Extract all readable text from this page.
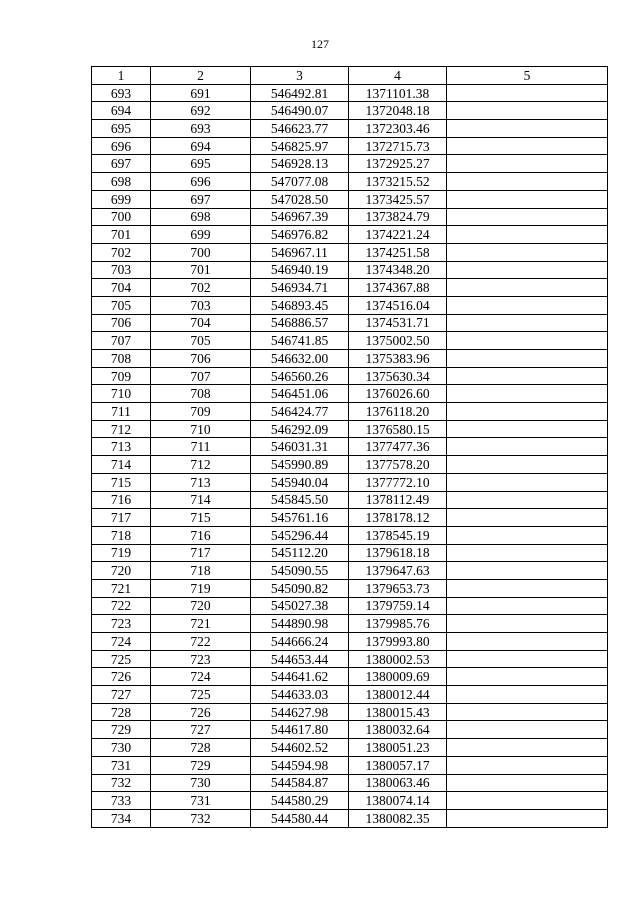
127
1	2	3	4	5
693	691	546492.81	1371101.38	
694	692	546490.07	1372048.18	
695	693	546623.77	1372303.46	
696	694	546825.97	1372715.73	
697	695	546928.13	1372925.27	
698	696	547077.08	1373215.52	
699	697	547028.50	1373425.57	
700	698	546967.39	1373824.79	
701	699	546976.82	1374221.24	
702	700	546967.11	1374251.58	
703	701	546940.19	1374348.20	
704	702	546934.71	1374367.88	
705	703	546893.45	1374516.04	
706	704	546886.57	1374531.71	
707	705	546741.85	1375002.50	
708	706	546632.00	1375383.96	
709	707	546560.26	1375630.34	
710	708	546451.06	1376026.60	
711	709	546424.77	1376118.20	
712	710	546292.09	1376580.15	
713	711	546031.31	1377477.36	
714	712	545990.89	1377578.20	
715	713	545940.04	1377772.10	
716	714	545845.50	1378112.49	
717	715	545761.16	1378178.12	
718	716	545296.44	1378545.19	
719	717	545112.20	1379618.18	
720	718	545090.55	1379647.63	
721	719	545090.82	1379653.73	
722	720	545027.38	1379759.14	
723	721	544890.98	1379985.76	
724	722	544666.24	1379993.80	
725	723	544653.44	1380002.53	
726	724	544641.62	1380009.69	
727	725	544633.03	1380012.44	
728	726	544627.98	1380015.43	
729	727	544617.80	1380032.64	
730	728	544602.52	1380051.23	
731	729	544594.98	1380057.17	
732	730	544584.87	1380063.46	
733	731	544580.29	1380074.14	
734	732	544580.44	1380082.35	
